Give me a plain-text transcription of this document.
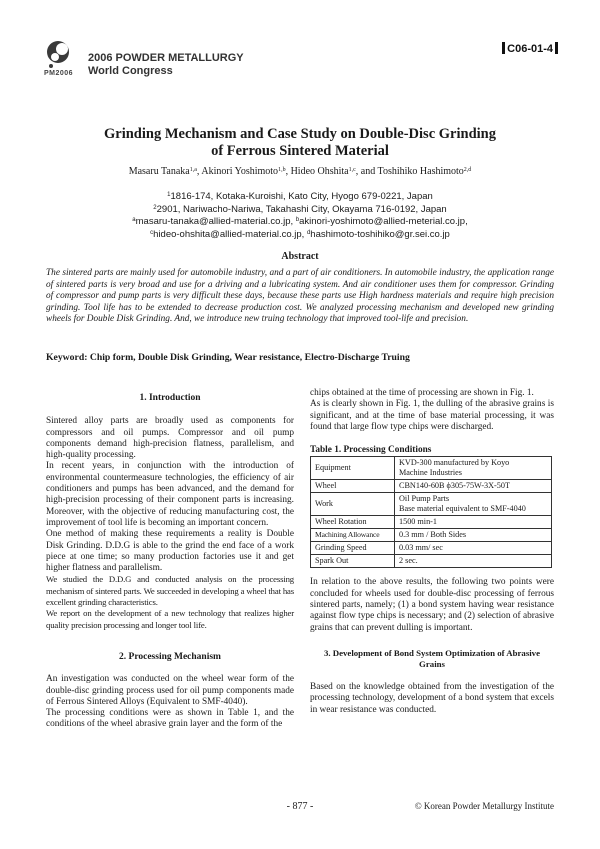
PM2006
2006 POWDER METALLURGY
World Congress
C06-01-4
Grinding Mechanism and Case Study on Double-Disc Grinding
of Ferrous Sintered Material
Masaru Tanaka$^{1,a}$, Akinori Yoshimoto$^{1,b}$, Hideo Ohshita$^{1,c}$, and Toshihiko Hashimoto$^{2,d}$
$^1$1816-174, Kotaka-Kuroishi, Kato City, Hyogo 679-0221, Japan
$^2$2901, Nariwacho-Nariwa, Takahashi City, Okayama 716-0192, Japan
$^a$masaru-tanaka@allied-material.co.jp, $^b$akinori-yoshimoto@allied-meterial.co.jp,
$^c$hideo-ohshita@allied-material.co.jp, $^d$hashimoto-toshihiko@gr.sei.co.jp
Abstract
The sintered parts are mainly used for automobile industry, and a part of air conditioners. In automobile industry, the application range of sintered parts is very broad and use for a driving and a lubricating system. And air conditioner uses them for compressor. Grinding of compressor and pump parts is very difficult these days, because these parts use High hardness materials and require high precision grinding. Tool life has to be extended to decrease production cost. We analyzed processing mechanism and developed new grinding wheels for Double Disk Grinding. And, we introduce new truing technology that improved tool-life and precision.
Keyword: Chip form, Double Disk Grinding, Wear resistance, Electro-Discharge Truing

1. Introduction

Sintered alloy parts are broadly used as components for compressors and oil pumps. Compressor and oil pump components demand high-precision flatness, parallelism, and high-quality processing.

In recent years, in conjunction with the introduction of environmental countermeasure technologies, the efficiency of air conditioners and pumps has been advanced, and the demand for high-precision processing of their component parts is increasing. Moreover, with the objective of reducing manufacturing cost, the improvement of tool life is becoming an important concern.

One method of making these requirements a reality is Double Disk Grinding. D.D.G is able to the grind the end face of a work piece at one time; so many production factories use it and get higher flatness and parallelism.

We studied the D.D.G and conducted analysis on the processing mechanism of sintered parts. We succeeded in developing a wheel that has excellent grinding characteristics.

We report on the development of a new technology that realizes higher quality precision processing and longer tool life.

2. Processing Mechanism

An investigation was conducted on the wheel wear form of the double-disc grinding process used for oil pump components made of Ferrous Sintered Alloys (Equivalent to SMF-4040).

The processing conditions were as shown in Table 1, and the conditions of the wheel abrasive grain layer and the form of the

chips obtained at the time of processing are shown in Fig. 1.

As is clearly shown in Fig. 1, the dulling of the abrasive grains is significant, and at the time of base material processing, it was found that large flow type chips were discharged.

Table 1. Processing Conditions

Equipment	KVD-300 manufactured by Koyo
Machine Industries

Wheel	CBN140-60B ϕ305-75W-3X-50T
Work	Oil Pump Parts
Base material equivalent to SMF-4040

Wheel Rotation	1500 min-1
Machining Allowance	0.3 mm / Both Sides
Grinding Speed	0.03 mm/ sec
Spark Out	2 sec.

In relation to the above results, the following two points were concluded for wheels used for double-disc processing of ferrous sintered parts, namely; (1) a bond system having wear resistance against flow type chips is necessary; and (2) selection of abrasive grains that can prevent dulling is important.

3. Development of Bond System Optimization of Abrasive
Grains

Based on the knowledge obtained from the investigation of the processing technology, development of a bond system that excels in wear resistance was conducted.

- 877 -	© Korean Powder Metallurgy Institute
